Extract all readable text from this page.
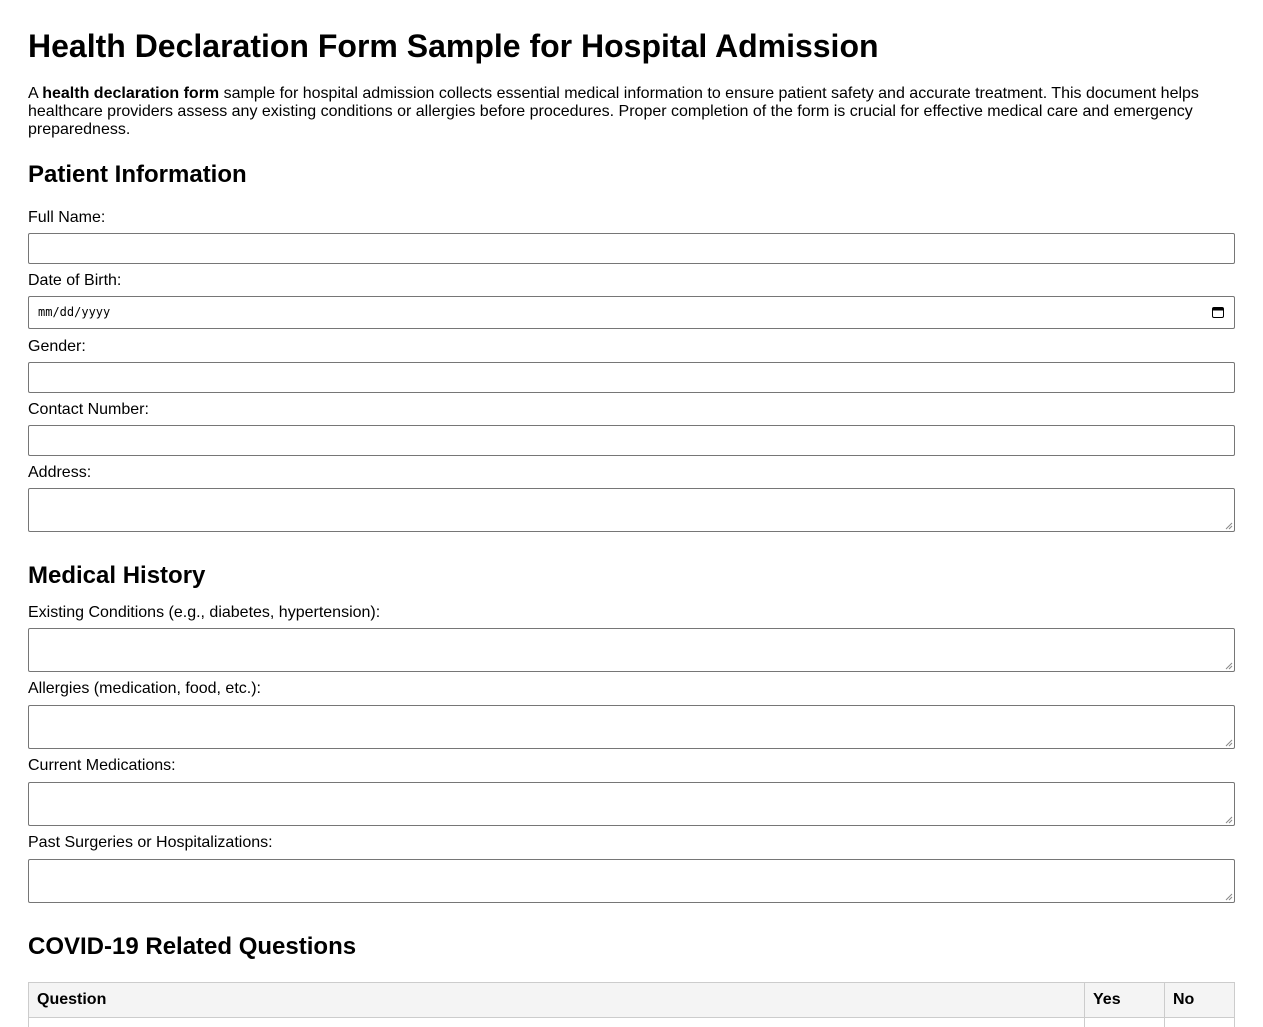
Health Declaration Form Sample for Hospital Admission

A health declaration form sample for hospital admission collects essential medical information to ensure patient safety and accurate treatment. This document helps healthcare providers assess any existing conditions or allergies before procedures. Proper completion of the form is crucial for effective medical care and emergency preparedness.

Patient Information
Full Name:
Date of Birth:
mm/dd/yyyy
Gender:
Contact Number:
Address:
Medical History
Existing Conditions (e.g., diabetes, hypertension):
Allergies (medication, food, etc.):
Current Medications:
Past Surgeries or Hospitalizations:
COVID-19 Related Questions
Question	Yes	No
